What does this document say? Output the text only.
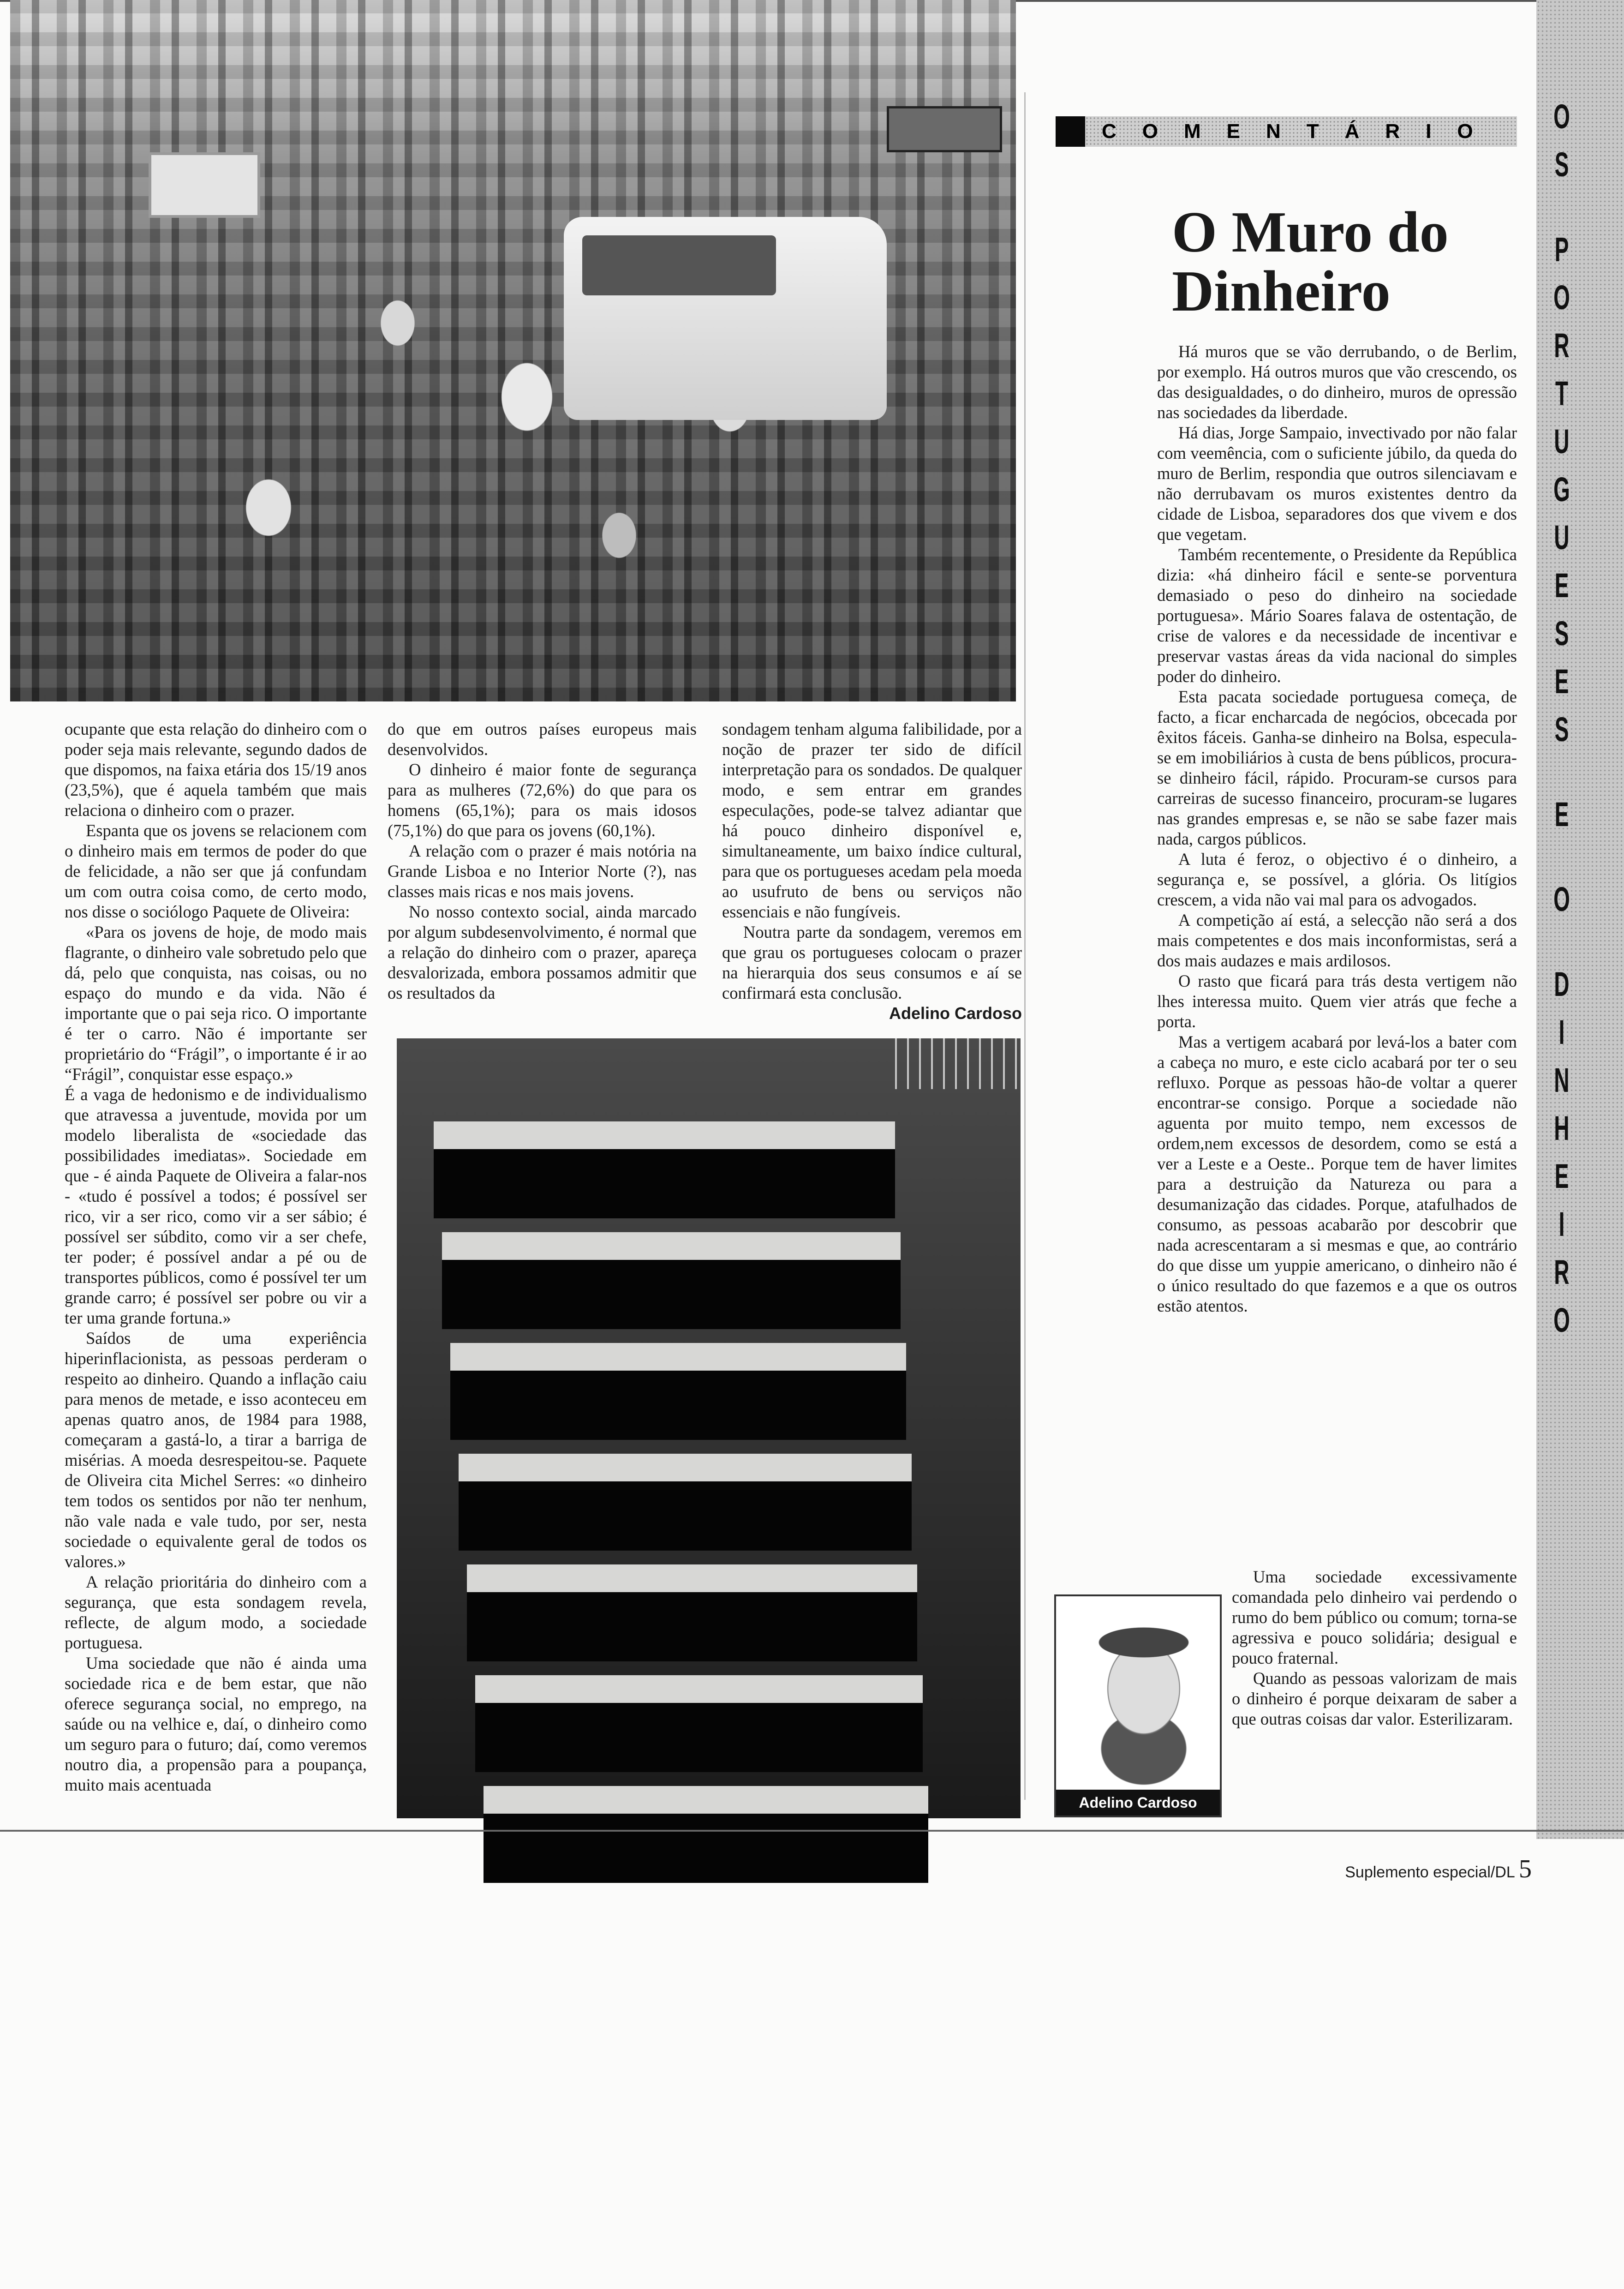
ocupante que esta relação do dinheiro com o poder seja mais relevante, segundo dados de que dispomos, na faixa etária dos 15/19 anos (23,5%), que é aquela também que mais relaciona o dinheiro com o prazer.

Espanta que os jovens se relacionem com o dinheiro mais em termos de poder do que de felicidade, a não ser que já confundam um com outra coisa como, de certo modo, nos disse o sociólogo Paquete de Oliveira:

«Para os jovens de hoje, de modo mais flagrante, o dinheiro vale sobretudo pelo que dá, pelo que conquista, nas coisas, ou no espaço do mundo e da vida. Não é importante que o pai seja rico. O importante é ter o carro. Não é importante ser proprietário do “Frágil”, o importante é ir ao “Frágil”, conquistar esse espaço.»

É a vaga de hedonismo e de individualismo que atravessa a juventude, movida por um modelo liberalista de «sociedade das possibilidades imediatas». Sociedade em que - é ainda Paquete de Oliveira a falar-nos - «tudo é possível a todos; é possível ser rico, vir a ser rico, como vir a ser sábio; é possível ser súbdito, como vir a ser chefe, ter poder; é possível andar a pé ou de transportes públicos, como é possível ter um grande carro; é possível ser pobre ou vir a ter uma grande fortuna.»

Saídos de uma experiência hiperinflacionista, as pessoas perderam o respeito ao dinheiro. Quando a inflação caiu para menos de metade, e isso aconteceu em apenas quatro anos, de 1984 para 1988, começaram a gastá-lo, a tirar a barriga de misérias. A moeda desrespeitou-se. Paquete de Oliveira cita Michel Serres: «o dinheiro tem todos os sentidos por não ter nenhum, não vale nada e vale tudo, por ser, nesta sociedade o equivalente geral de todos os valores.»

A relação prioritária do dinheiro com a segurança, que esta sondagem revela, reflecte, de algum modo, a sociedade portuguesa.

Uma sociedade que não é ainda uma sociedade rica e de bem estar, que não oferece segurança social, no emprego, na saúde ou na velhice e, daí, o dinheiro como um seguro para o futuro; daí, como veremos noutro dia, a propensão para a poupança, muito mais acentuada

do que em outros países europeus mais desenvolvidos.

O dinheiro é maior fonte de segurança para as mulheres (72,6%) do que para os homens (65,1%); para os mais idosos (75,1%) do que para os jovens (60,1%).

A relação com o prazer é mais notória na Grande Lisboa e no Interior Norte (?), nas classes mais ricas e nos mais jovens.

No nosso contexto social, ainda marcado por algum subdesenvolvimento, é normal que a relação do dinheiro com o prazer, apareça desvalorizada, embora possamos admitir que os resultados da

sondagem tenham alguma falibilidade, por a noção de prazer ter sido de difícil interpretação para os sondados. De qualquer modo, e sem entrar em grandes especulações, pode-se talvez adiantar que há pouco dinheiro disponível e, simultaneamente, um baixo índice cultural, para que os portugueses acedam pela moeda ao usufruto de bens ou serviços não essenciais e não fungíveis.

Noutra parte da sondagem, veremos em que grau os portugueses colocam o prazer na hierarquia dos seus consumos e aí se confirmará esta conclusão.

Adelino Cardoso
COMENTÁRIO
O Muro do Dinheiro

Há muros que se vão derrubando, o de Berlim, por exemplo. Há outros muros que vão crescendo, os das desigualdades, o do dinheiro, muros de opressão nas sociedades da liberdade.

Há dias, Jorge Sampaio, invectivado por não falar com veemência, com o suficiente júbilo, da queda do muro de Berlim, respondia que outros silenciavam e não derrubavam os muros existentes dentro da cidade de Lisboa, separadores dos que vivem e dos que vegetam.

Também recentemente, o Presidente da República dizia: «há dinheiro fácil e sente-se porventura demasiado o peso do dinheiro na sociedade portuguesa». Mário Soares falava de ostentação, de crise de valores e da necessidade de incentivar e preservar vastas áreas da vida nacional do simples poder do dinheiro.

Esta pacata sociedade portuguesa começa, de facto, a ficar encharcada de negócios, obcecada por êxitos fáceis. Ganha-se dinheiro na Bolsa, especula-se em imobiliários à custa de bens públicos, procura-se dinheiro fácil, rápido. Procuram-se cursos para carreiras de sucesso financeiro, procuram-se lugares nas grandes empresas e, se não se sabe fazer mais nada, cargos públicos.

A luta é feroz, o objectivo é o dinheiro, a segurança e, se possível, a glória. Os litígios crescem, a vida não vai mal para os advogados.

A competição aí está, a selecção não será a dos mais competentes e dos mais inconformistas, será a dos mais audazes e mais ardilosos.

O rasto que ficará para trás desta vertigem não lhes interessa muito. Quem vier atrás que feche a porta.

Mas a vertigem acabará por levá-los a bater com a cabeça no muro, e este ciclo acabará por ter o seu refluxo. Porque as pessoas hão-de voltar a querer encontrar-se consigo. Porque a sociedade não aguenta por muito tempo, nem excessos de ordem,nem excessos de desordem, como se está a ver a Leste e a Oeste.. Porque tem de haver limites para a destruição da Natureza ou para a desumanização das cidades. Porque, atafulhados de consumo, as pessoas acabarão por descobrir que nada acrescentaram a si mesmas e que, ao contrário do que disse um yuppie americano, o dinheiro não é o único resultado do que fazemos e a que os outros estão atentos.

Uma sociedade excessivamente comandada pelo dinheiro vai perdendo o rumo do bem público ou comum; torna-se agressiva e pouco solidária; desigual e pouco fraternal.

Quando as pessoas valorizam de mais o dinheiro é porque deixaram de saber a que outras coisas dar valor. Esterilizaram.

Adelino Cardoso
O
S
P
O
R
T
U
G
U
E
S
E
S
E
O
D
I
N
H
E
I
R
O
Suplemento especial/DL 5
